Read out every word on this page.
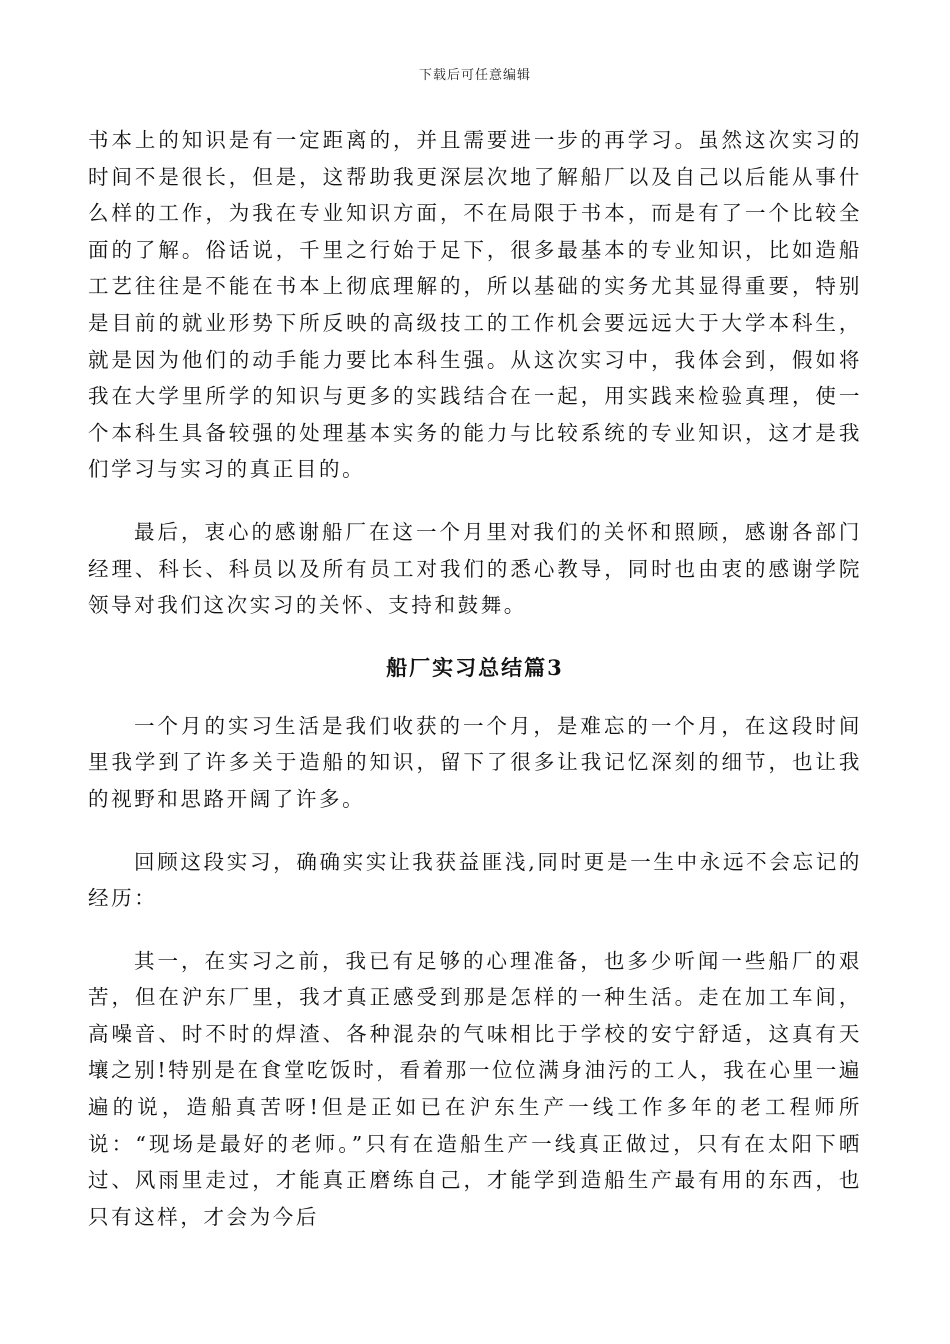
下载后可任意编辑

书本上的知识是有一定距离的，并且需要进一步的再学习。虽然这次实习的时间不是很长，但是，这帮助我更深层次地了解船厂以及自己以后能从事什么样的工作，为我在专业知识方面，不在局限于书本，而是有了一个比较全面的了解。俗话说，千里之行始于足下，很多最基本的专业知识，比如造船工艺往往是不能在书本上彻底理解的，所以基础的实务尤其显得重要，特别是目前的就业形势下所反映的高级技工的工作机会要远远大于大学本科生，就是因为他们的动手能力要比本科生强。从这次实习中，我体会到，假如将我在大学里所学的知识与更多的实践结合在一起，用实践来检验真理，使一个本科生具备较强的处理基本实务的能力与比较系统的专业知识，这才是我们学习与实习的真正目的。

最后，衷心的感谢船厂在这一个月里对我们的关怀和照顾，感谢各部门经理、科长、科员以及所有员工对我们的悉心教导，同时也由衷的感谢学院领导对我们这次实习的关怀、支持和鼓舞。

船厂实习总结篇3

一个月的实习生活是我们收获的一个月，是难忘的一个月，在这段时间里我学到了许多关于造船的知识，留下了很多让我记忆深刻的细节，也让我的视野和思路开阔了许多。

回顾这段实习，确确实实让我获益匪浅,同时更是一生中永远不会忘记的经历：

其一，在实习之前，我已有足够的心理准备，也多少听闻一些船厂的艰苦，但在沪东厂里，我才真正感受到那是怎样的一种生活。走在加工车间，高噪音、时不时的焊渣、各种混杂的气味相比于学校的安宁舒适，这真有天壤之别!特别是在食堂吃饭时，看着那一位位满身油污的工人，我在心里一遍遍的说，造船真苦呀!但是正如已在沪东生产一线工作多年的老工程师所说：“现场是最好的老师。”只有在造船生产一线真正做过，只有在太阳下晒过、风雨里走过，才能真正磨练自己，才能学到造船生产最有用的东西，也只有这样，才会为今后
